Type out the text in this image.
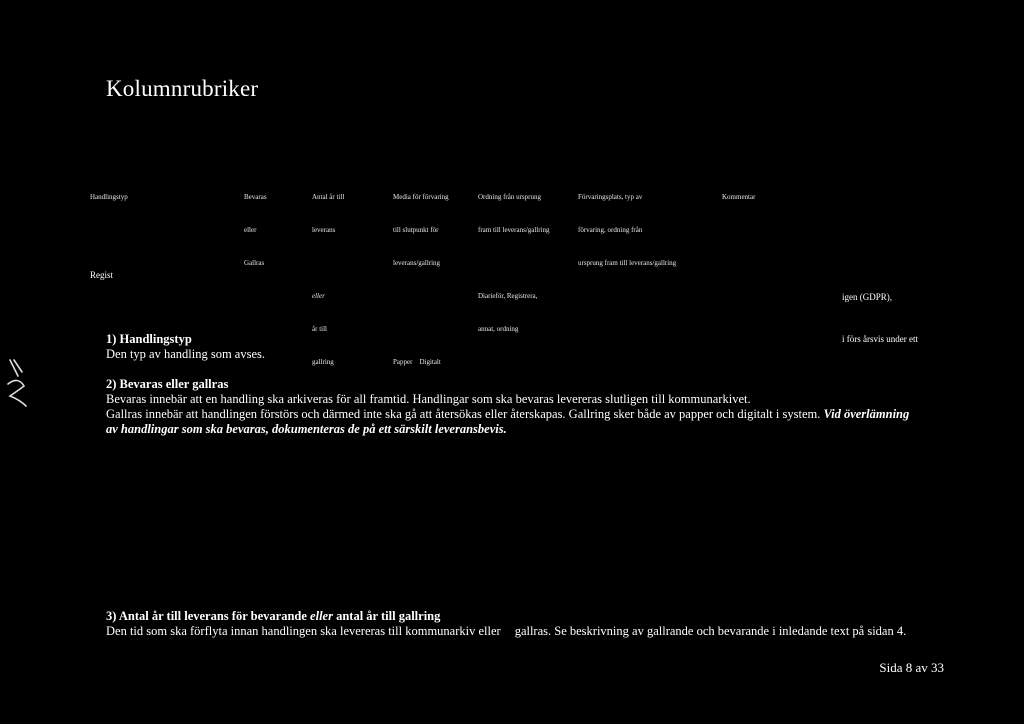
Kolumnrubriker

Handlingstyp

	Bevaras

eller

Gallras

Antal år till

leverans

eller

år till

gallring

Media för förvaring

till slutpunkt för

leverans/gallring

Papper    Digitalt

Ordning från ursprung

fram till leverans/gallring

Diarieför, Registrera,

annat, ordning

Förvaringsplats, typ av

förvaring, ordning från

ursprung fram till leverans/gallring

Kommentar

Regist

igen (GDPR),

i förs årsvis under ett

1) Handlingstyp
Den typ av handling som avses.
2) Bevaras eller gallras
Bevaras innebär att en handling ska arkiveras för all framtid. Handlingar som ska bevaras levereras slutligen till kommunarkivet.
Gallras innebär att handlingen förstörs och därmed inte ska gå att återsökas eller återskapas. Gallring sker både av papper och digitalt i system. Vid överlämning
av handlingar som ska bevaras, dokumenteras de på ett särskilt leveransbevis.
3) Antal år till leverans för bevarande eller antal år till gallring
Den tid som ska förflyta innan handlingen ska levereras till kommunarkiv eller gallras. Se beskrivning av gallrande och bevarande i inledande text på sidan 4.
Sida 8 av 33
